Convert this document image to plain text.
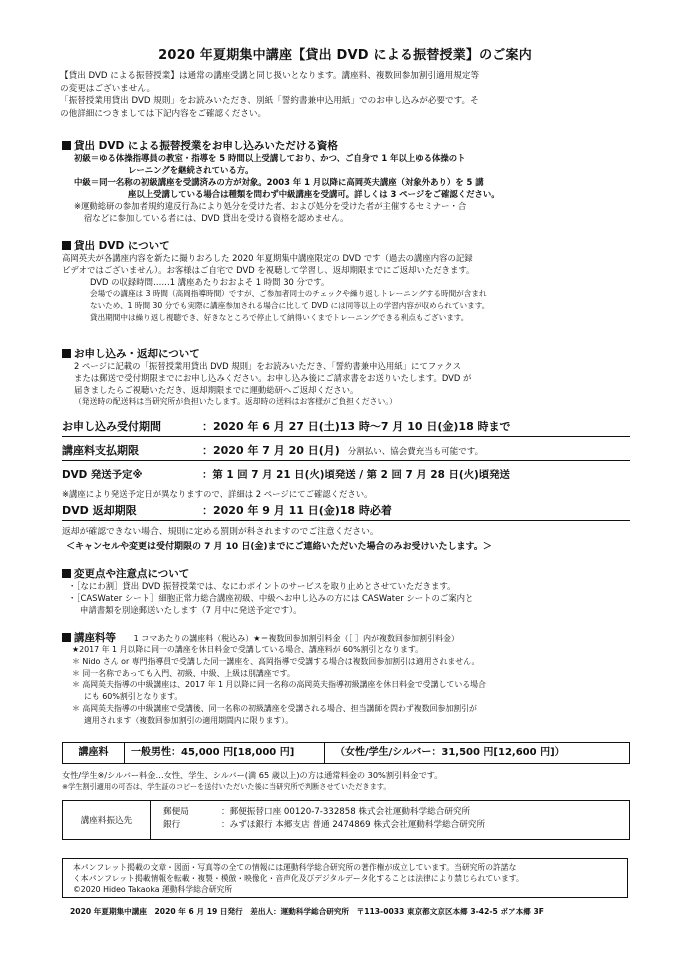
2020 年夏期集中講座【貸出 DVD による振替授業】のご案内
【貸出 DVD による振替授業】は通常の講座受講と同じ扱いとなります。講座料、複数回参加割引適用規定等
の変更はございません。
「振替授業用貸出 DVD 規則」をお読みいただき、別紙「誓約書兼申込用紙」でのお申し込みが必要です。そ
の他詳細につきましては下記内容をご確認ください。
貸出 DVD による振替授業をお申し込みいただける資格
初級＝ゆる体操指導員の教室・指導を 5 時間以上受講しており、かつ、ご自身で 1 年以上ゆる体操のト
レーニングを継続されている方。
中級＝同一名称の初級講座を受講済みの方が対象。2003 年 1 月以降に高岡英夫講座（対象外あり）を 5 講
座以上受講している場合は種類を問わず中級講座を受講可。詳しくは 3 ページをご確認ください。
※運動総研の参加者規約違反行為により処分を受けた者、および処分を受けた者が主催するセミナー・合
宿などに参加している者には、DVD 貸出を受ける資格を認めません。
貸出 DVD について
高岡英夫が各講座内容を新たに撮りおろした 2020 年夏期集中講座限定の DVD です（過去の講座内容の記録
ビデオではございません）。お客様はご自宅で DVD を視聴して学習し、返却期限までにご返却いただきます。
DVD の収録時間……1 講座あたりおおよそ 1 時間 30 分です。
会場での講座は 3 時間（高岡指導時間）ですが、ご参加者同士のチェックや繰り返しトレーニングする時間が含まれ
ないため、1 時間 30 分でも実際に講座参加される場合に比して DVD には同等以上の学習内容が収められています。
貸出期間中は繰り返し視聴でき、好きなところで停止して納得いくまでトレーニングできる利点もございます。
お申し込み・返却について
2 ページに記載の「振替授業用貸出 DVD 規則」をお読みいただき、「誓約書兼申込用紙」にてファクス
または郵送で受付期限までにお申し込みください。お申し込み後にご請求書をお送りいたします。DVD が
届きましたらご視聴いただき、返却期限までに運動総研へご返却ください。
（発送時の配送料は当研究所が負担いたします。返却時の送料はお客様がご負担ください。）
お申し込み受付期間	：2020 年 6 月 27 日(土)13 時〜7 月 10 日(金)18 時まで
講座料支払期限	：2020 年 7 月 20 日(月) 分割払い、協会費充当も可能です。
DVD 発送予定※	：第 1 回 7 月 21 日(火)頃発送 / 第 2 回 7 月 28 日(火)頃発送
※講座により発送予定日が異なりますので、詳細は 2 ページにてご確認ください。
DVD 返却期限	：2020 年 9 月 11 日(金)18 時必着
返却が確認できない場合、規則に定める罰則が科されますのでご注意ください。
＜キャンセルや変更は受付期限の 7 月 10 日(金)までにご連絡いただいた場合のみお受けいたします。＞
変更点や注意点について
・［なにわ割］貸出 DVD 振替授業では、なにわポイントのサービスを取り止めとさせていただきます。
・［CASWater シート］細胞正常力総合講座初級、中級へお申し込みの方には CASWater シートのご案内と
申請書類を別途郵送いたします（7 月中に発送予定です）。
講座料等 1 コマあたりの講座料（税込み）★＝複数回参加割引料金（［ ］内が複数回参加割引料金）
★2017 年 1 月以降に同一の講座を休日料金で受講している場合、講座料が 60%割引となります。
＊ Nido さん or 専門指導員で受講した同一講座を、高岡指導で受講する場合は複数回参加割引は適用されません。
＊ 同一名称であっても入門、初級、中級、上級は別講座です。
＊ 高岡英夫指導の中級講座は、2017 年 1 月以降に同一名称の高岡英夫指導初級講座を休日料金で受講している場合
にも 60%割引となります。
＊ 高岡英夫指導の中級講座で受講後、同一名称の初級講座を受講される場合、担当講師を問わず複数回参加割引が
適用されます（複数回参加割引の適用期間内に限ります）。
講座料	一般男性：45,000 円[18,000 円]	（女性/学生/シルバー：31,500 円[12,600 円]）
女性/学生※/シルバー料金…女性、学生、シルバー(満 65 歳以上)の方は通常料金の 30%割引料金です。
※学生割引適用の可否は、学生証のコピーを送付いただいた後に当研究所で判断させていただきます。
講座料振込先
郵便局	：郵便振替口座 00120-7-332858 株式会社運動科学総合研究所
銀行	：みずほ銀行 本郷支店 普通 2474869 株式会社運動科学総合研究所
本パンフレット掲載の文章・図面・写真等の全ての情報には運動科学総合研究所の著作権が成立しています。当研究所の許諾な
く本パンフレット掲載情報を転載・複製・模倣・映像化・音声化及びデジタルデータ化することは法律により禁じられています。
©2020 Hideo Takaoka 運動科学総合研究所
2020 年夏期集中講座　2020 年 6 月 19 日発行　差出人：運動科学総合研究所　〒113-0033 東京都文京区本郷 3-42-5 ボア本郷 3F
